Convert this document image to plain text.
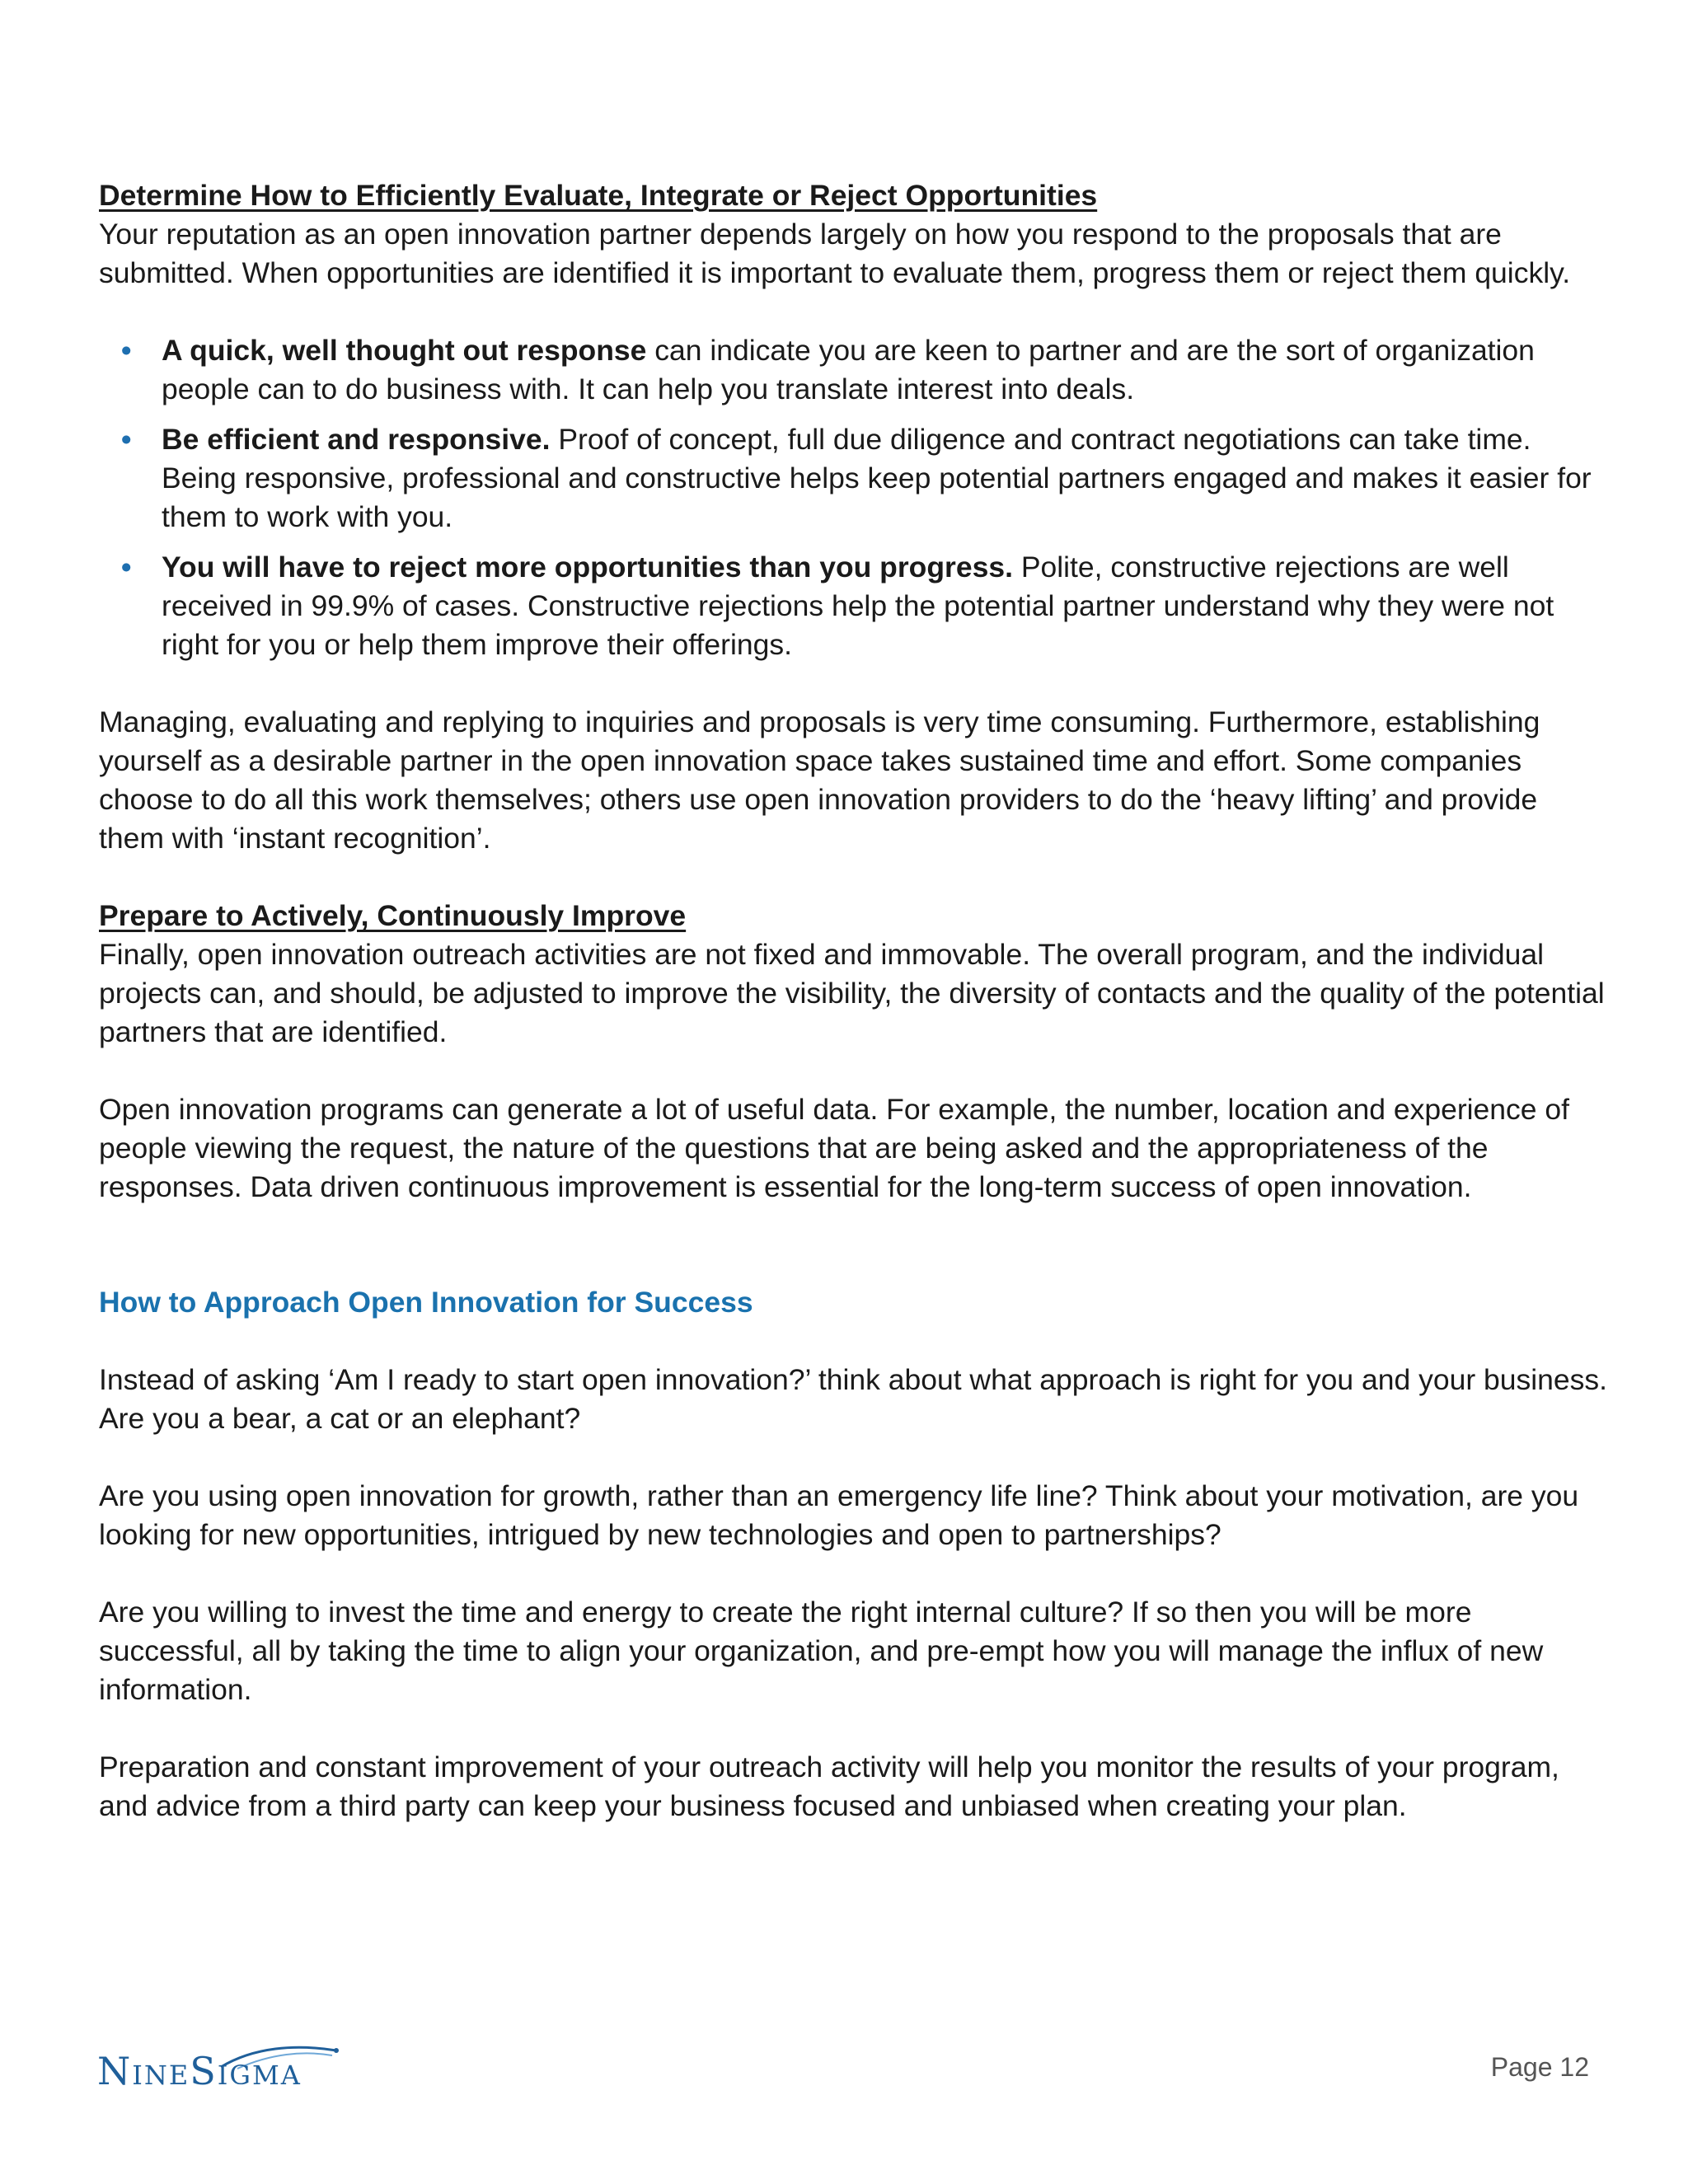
Determine How to Efficiently Evaluate, Integrate or Reject Opportunities

Your reputation as an open innovation partner depends largely on how you respond to the proposals that are submitted. When opportunities are identified it is important to evaluate them, progress them or reject them quickly.

• A quick, well thought out response can indicate you are keen to partner and are the sort of organization people can to do business with. It can help you translate interest into deals.
• Be efficient and responsive. Proof of concept, full due diligence and contract negotiations can take time. Being responsive, professional and constructive helps keep potential partners engaged and makes it easier for them to work with you.
• You will have to reject more opportunities than you progress. Polite, constructive rejections are well received in 99.9% of cases. Constructive rejections help the potential partner understand why they were not right for you or help them improve their offerings.

Managing, evaluating and replying to inquiries and proposals is very time consuming. Furthermore, establishing yourself as a desirable partner in the open innovation space takes sustained time and effort. Some companies choose to do all this work themselves; others use open innovation providers to do the ‘heavy lifting’ and provide them with ‘instant recognition’.

Prepare to Actively, Continuously Improve

Finally, open innovation outreach activities are not fixed and immovable. The overall program, and the individual projects can, and should, be adjusted to improve the visibility, the diversity of contacts and the quality of the potential partners that are identified.

Open innovation programs can generate a lot of useful data. For example, the number, location and experience of people viewing the request, the nature of the questions that are being asked and the appropriateness of the responses. Data driven continuous improvement is essential for the long-term success of open innovation.

How to Approach Open Innovation for Success

Instead of asking ‘Am I ready to start open innovation?’ think about what approach is right for you and your business. Are you a bear, a cat or an elephant?

Are you using open innovation for growth, rather than an emergency life line? Think about your motivation, are you looking for new opportunities, intrigued by new technologies and open to partnerships?

Are you willing to invest the time and energy to create the right internal culture? If so then you will be more successful, all by taking the time to align your organization, and pre-empt how you will manage the influx of new information.

Preparation and constant improvement of your outreach activity will help you monitor the results of your program, and advice from a third party can keep your business focused and unbiased when creating your plan.

NINESIGMA	Page 12
